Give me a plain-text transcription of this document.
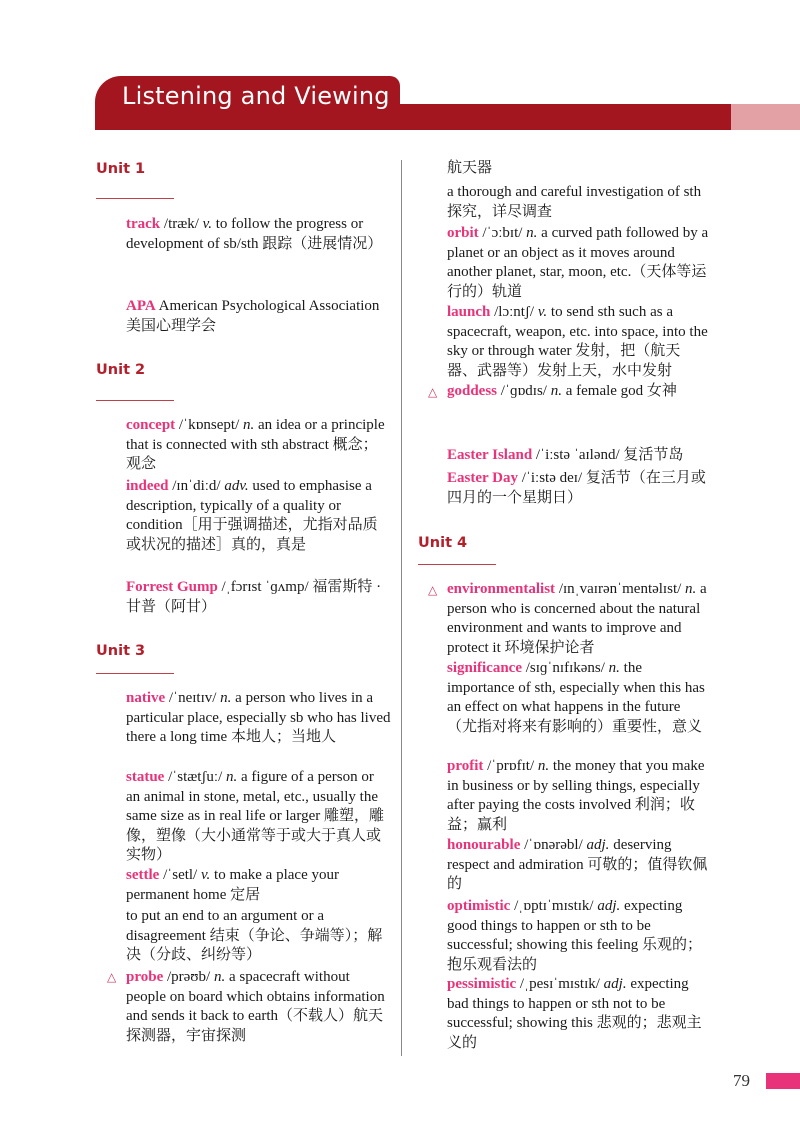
Listening and Viewing
Unit 1
track /træk/ v. to follow the progress or development of sb/sth 跟踪（进展情况）
APA American Psychological Association 美国心理学会
Unit 2
concept /ˈkɒnsept/ n. an idea or a principle that is connected with sth abstract 概念；观念
indeed /ɪnˈdiːd/ adv. used to emphasise a description, typically of a quality or condition［用于强调描述，尤指对品质或状况的描述］真的，真是
Forrest Gump /ˌfɔrɪst ˈɡʌmp/ 福雷斯特 · 甘普（阿甘）
Unit 3
native /ˈneɪtɪv/ n. a person who lives in a particular place, especially sb who has lived there a long time 本地人；当地人
statue /ˈstætʃuː/ n. a figure of a person or an animal in stone, metal, etc., usually the same size as in real life or larger 雕塑，雕像，塑像（大小通常等于或大于真人或实物）
settle /ˈsetl/ v. to make a place your permanent home 定居
to put an end to an argument or a disagreement 结束（争论、争端等）；解决（分歧、纠纷等）
△ probe /prəʊb/ n. a spacecraft without people on board which obtains information and sends it back to earth（不载人）航天探测器，宇宙探测
航天器
a thorough and careful investigation of sth 探究，详尽调查
orbit /ˈɔːbɪt/ n. a curved path followed by a planet or an object as it moves around another planet, star, moon, etc.（天体等运行的）轨道
launch /lɔːntʃ/ v. to send sth such as a spacecraft, weapon, etc. into space, into the sky or through water 发射，把（航天器、武器等）发射上天，水中发射
△ goddess /ˈɡɒdɪs/ n. a female god 女神
Easter Island /ˈiːstə ˈaɪlənd/ 复活节岛
Easter Day /ˈiːstə deɪ/ 复活节（在三月或四月的一个星期日）
Unit 4
△ environmentalist /ɪnˌvaɪrənˈmentəlɪst/ n. a person who is concerned about the natural environment and wants to improve and protect it 环境保护论者
significance /sɪɡˈnɪfɪkəns/ n. the importance of sth, especially when this has an effect on what happens in the future （尤指对将来有影响的）重要性，意义
profit /ˈprɒfɪt/ n. the money that you make in business or by selling things, especially after paying the costs involved 利润；收益；赢利
honourable /ˈɒnərəbl/ adj. deserving respect and admiration 可敬的；值得钦佩的
optimistic /ˌɒptɪˈmɪstɪk/ adj. expecting good things to happen or sth to be successful; showing this feeling 乐观的；抱乐观看法的
pessimistic /ˌpesɪˈmɪstɪk/ adj. expecting bad things to happen or sth not to be successful; showing this 悲观的；悲观主义的
79
